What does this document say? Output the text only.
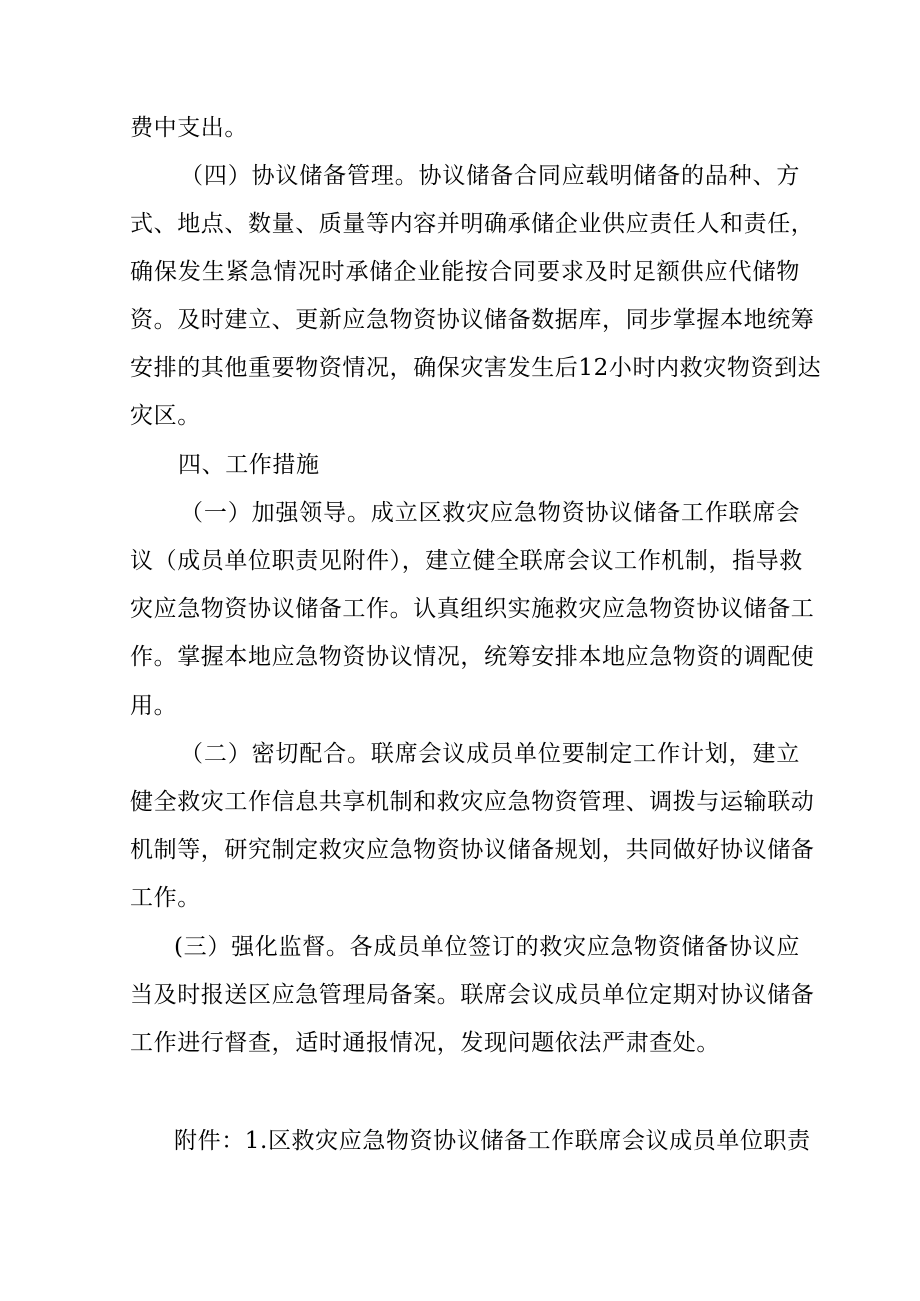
费中支出。
（四）协议储备管理。协议储备合同应载明储备的品种、方
式、地点、数量、质量等内容并明确承储企业供应责任人和责任，
确保发生紧急情况时承储企业能按合同要求及时足额供应代储物
资。及时建立、更新应急物资协议储备数据库，同步掌握本地统筹
安排的其他重要物资情况，确保灾害发生后12小时内救灾物资到达
灾区。
四、工作措施
（一）加强领导。成立区救灾应急物资协议储备工作联席会
议（成员单位职责见附件），建立健全联席会议工作机制，指导救
灾应急物资协议储备工作。认真组织实施救灾应急物资协议储备工
作。掌握本地应急物资协议情况，统筹安排本地应急物资的调配使
用。
（二）密切配合。联席会议成员单位要制定工作计划，建立
健全救灾工作信息共享机制和救灾应急物资管理、调拨与运输联动
机制等，研究制定救灾应急物资协议储备规划，共同做好协议储备
工作。
(三）强化监督。各成员单位签订的救灾应急物资储备协议应
当及时报送区应急管理局备案。联席会议成员单位定期对协议储备
工作进行督查，适时通报情况，发现问题依法严肃查处。
附件：1.区救灾应急物资协议储备工作联席会议成员单位职责
